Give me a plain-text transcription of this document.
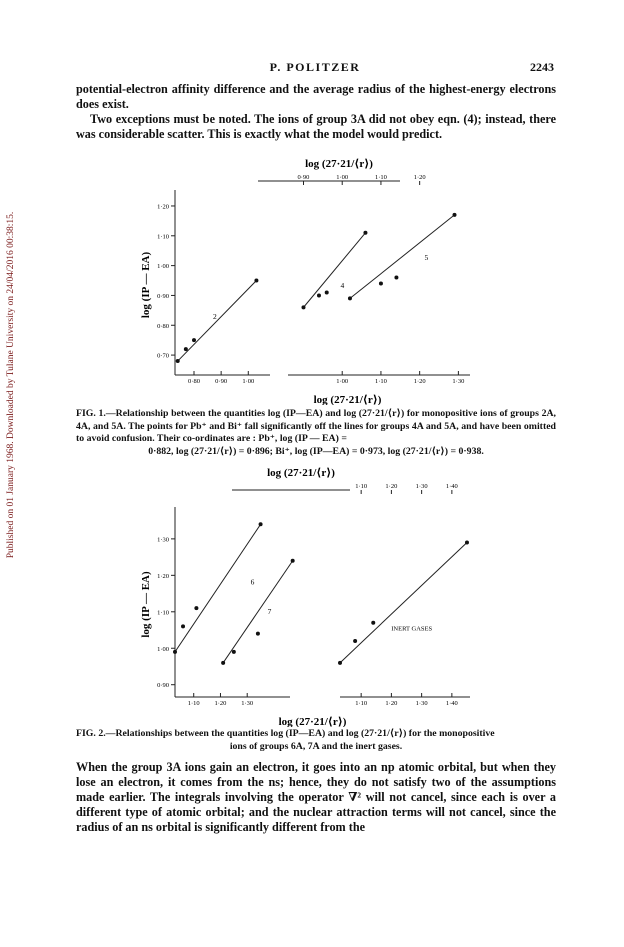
Published on 01 January 1968. Downloaded by Tulane University on 24/04/2016 00:38:15.
P. POLITZER	2243

potential-electron affinity difference and the average radius of the highest-energy electrons does exist.

Two exceptions must be noted. The ions of group 3A did not obey eqn. (4); instead, there was considerable scatter. This is exactly what the model would predict.

log (27·21/⟨r⟩)
0·70
0·80
0·90
1·00
1·10
1·20
log (IP — EA)
0·80 0·90 1·00	1·00	1·10	1·20	1·30
0·90	1·00	1·10	1·20
log (27·21/⟨r⟩)
2
4
5
FIG. 1.—Relationship between the quantities log (IP—EA) and log (27·21/⟨r⟩) for monopositive ions of groups 2A, 4A, and 5A. The points for Pb⁺ and Bi⁺ fall significantly off the lines for groups 4A and 5A, and have been omitted to avoid confusion. Their co-ordinates are : Pb⁺, log (IP — EA) =
0·882, log (27·21/⟨r⟩) = 0·896; Bi⁺, log (IP—EA) = 0·973, log (27·21/⟨r⟩) = 0·938.
log (27·21/⟨r⟩)
0·90
1·00
1·10
1·20
1·30
log (IP — EA)
1·10 1·20 1·30	1·10	1·20	1·30	1·40
1·10	1·20	1·30	1·40
log (27·21/⟨r⟩)
6
7
INERT GASES
FIG. 2.—Relationships between the quantities log (IP—EA) and log (27·21/⟨r⟩) for the monopositive
ions of groups 6A, 7A and the inert gases.

When the group 3A ions gain an electron, it goes into an np atomic orbital, but when they lose an electron, it comes from the ns; hence, they do not satisfy two of the assumptions made earlier. The integrals involving the operator ∇² will not cancel, since each is over a different type of atomic orbital; and the nuclear attraction terms will not cancel, since the radius of an ns orbital is significantly different from the
